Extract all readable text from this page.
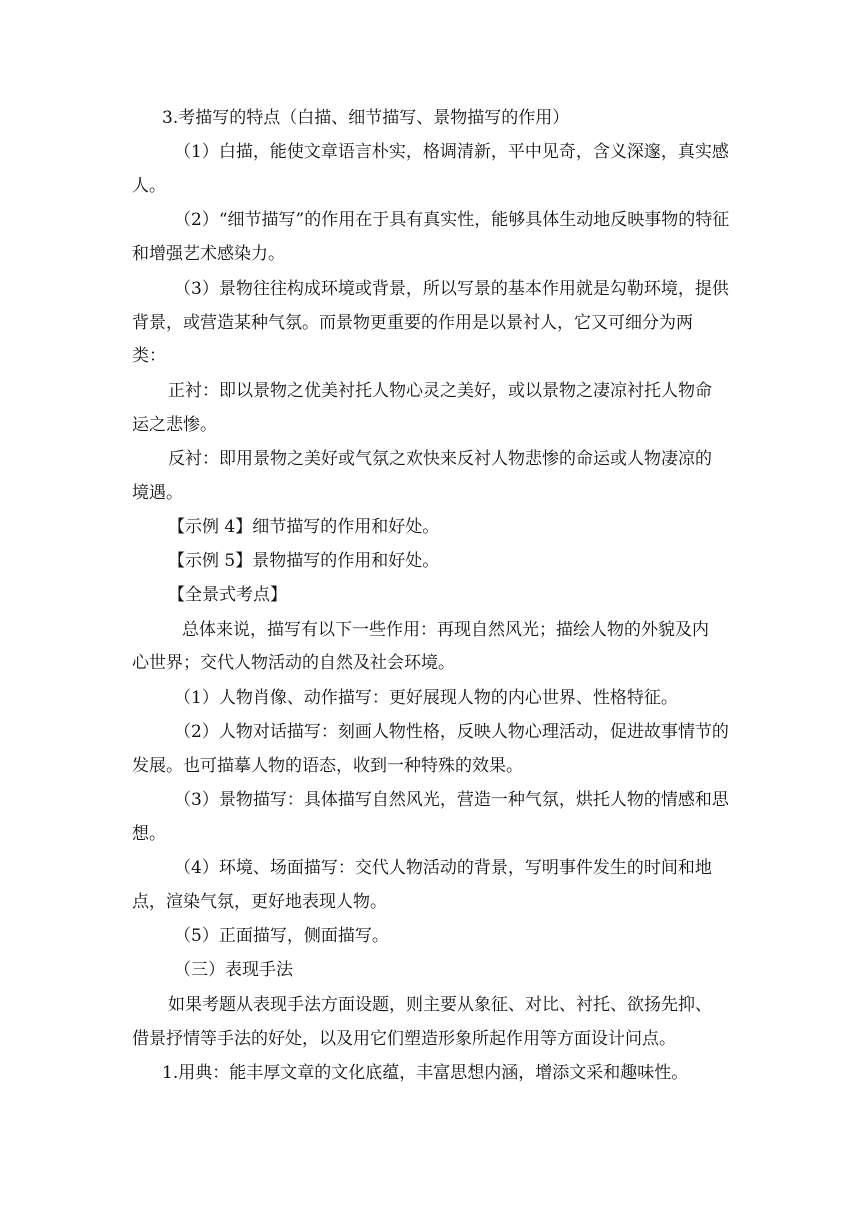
3.考描写的特点（白描、细节描写、景物描写的作用）
（1）白描，能使文章语言朴实，格调清新，平中见奇，含义深邃，真实感
人。
（2）“细节描写”的作用在于具有真实性，能够具体生动地反映事物的特征
和增强艺术感染力。
（3）景物往往构成环境或背景，所以写景的基本作用就是勾勒环境，提供
背景，或营造某种气氛。而景物更重要的作用是以景衬人，它又可细分为两
类：
正衬：即以景物之优美衬托人物心灵之美好，或以景物之凄凉衬托人物命
运之悲惨。
反衬：即用景物之美好或气氛之欢快来反衬人物悲惨的命运或人物凄凉的
境遇。
【示例 4】细节描写的作用和好处。
【示例 5】景物描写的作用和好处。
【全景式考点】
总体来说，描写有以下一些作用：再现自然风光；描绘人物的外貌及内
心世界；交代人物活动的自然及社会环境。
（1）人物肖像、动作描写：更好展现人物的内心世界、性格特征。
（2）人物对话描写：刻画人物性格，反映人物心理活动，促进故事情节的
发展。也可描摹人物的语态，收到一种特殊的效果。
（3）景物描写：具体描写自然风光，营造一种气氛，烘托人物的情感和思
想。
（4）环境、场面描写：交代人物活动的背景，写明事件发生的时间和地
点，渲染气氛，更好地表现人物。
（5）正面描写，侧面描写。
（三）表现手法
如果考题从表现手法方面设题，则主要从象征、对比、衬托、欲扬先抑、
借景抒情等手法的好处，以及用它们塑造形象所起作用等方面设计问点。
1.用典：能丰厚文章的文化底蕴，丰富思想内涵，增添文采和趣味性。
